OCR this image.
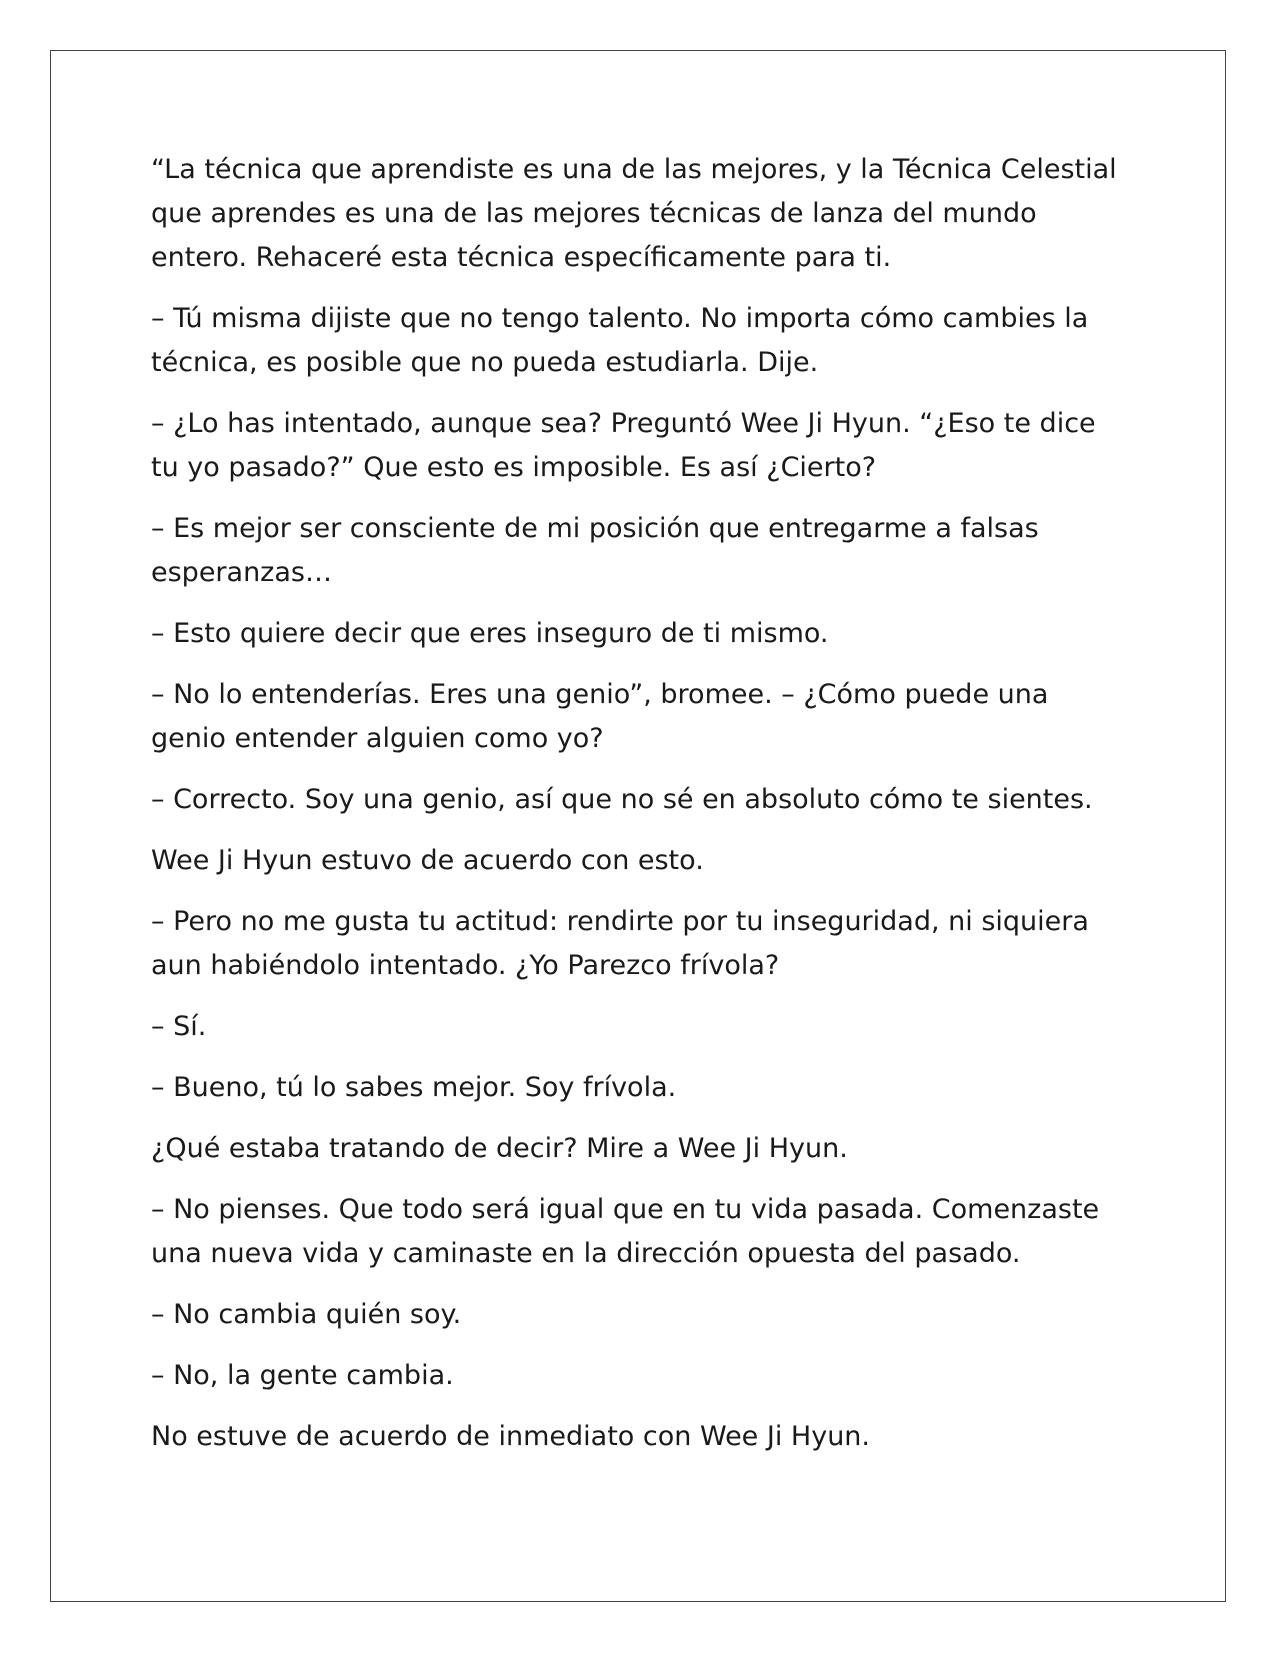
“La técnica que aprendiste es una de las mejores, y la Técnica Celestial que aprendes es una de las mejores técnicas de lanza del mundo entero. Rehaceré esta técnica específicamente para ti.

– Tú misma dijiste que no tengo talento. No importa cómo cambies la técnica, es posible que no pueda estudiarla. Dije.

– ¿Lo has intentado, aunque sea? Preguntó Wee Ji Hyun. “¿Eso te dice tu yo pasado?” Que esto es imposible. Es así ¿Cierto?

– Es mejor ser consciente de mi posición que entregarme a falsas esperanzas…

– Esto quiere decir que eres inseguro de ti mismo.

– No lo entenderías. Eres una genio”, bromee. – ¿Cómo puede una genio entender alguien como yo?

– Correcto. Soy una genio, así que no sé en absoluto cómo te sientes.

Wee Ji Hyun estuvo de acuerdo con esto.

– Pero no me gusta tu actitud: rendirte por tu inseguridad, ni siquiera aun habiéndolo intentado. ¿Yo Parezco frívola?

– Sí.

– Bueno, tú lo sabes mejor. Soy frívola.

¿Qué estaba tratando de decir? Mire a Wee Ji Hyun.

– No pienses. Que todo será igual que en tu vida pasada. Comenzaste una nueva vida y caminaste en la dirección opuesta del pasado.

– No cambia quién soy.

– No, la gente cambia.

No estuve de acuerdo de inmediato con Wee Ji Hyun.
